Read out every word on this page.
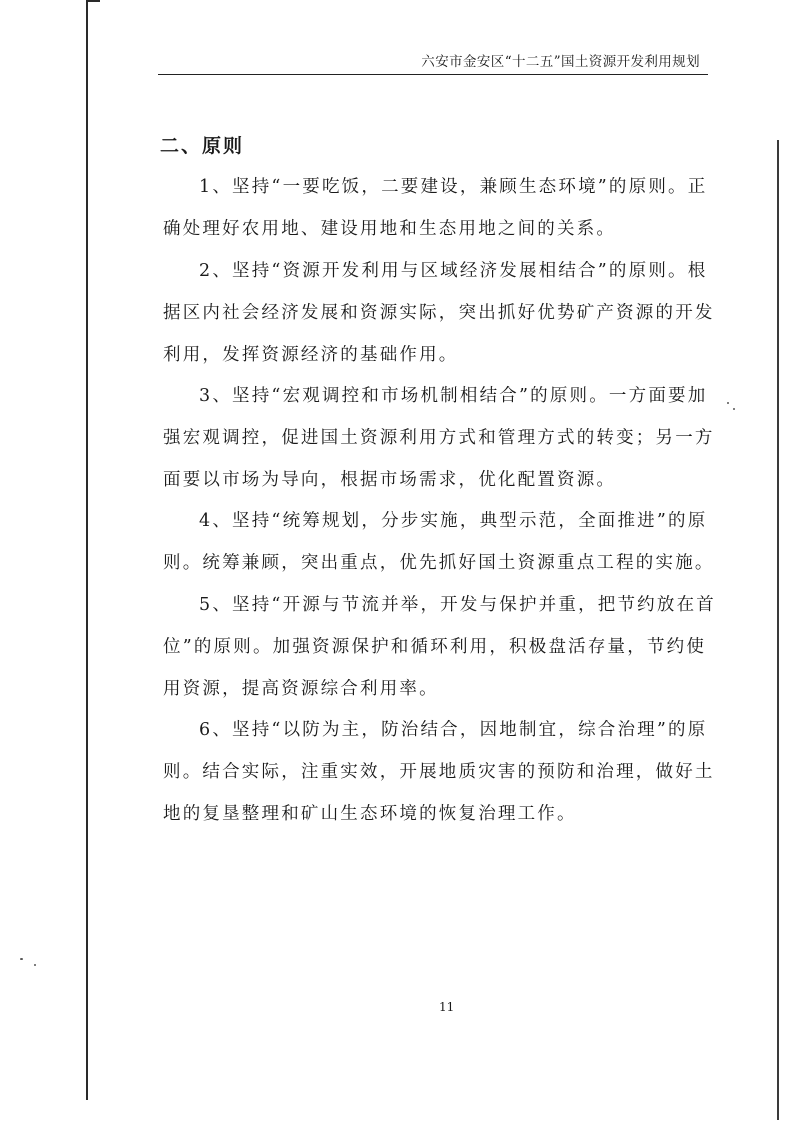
六安市金安区“十二五”国土资源开发利用规划
二、原则

1、坚持“一要吃饭，二要建设，兼顾生态环境”的原则。正
确处理好农用地、建设用地和生态用地之间的关系。

2、坚持“资源开发利用与区域经济发展相结合”的原则。根
据区内社会经济发展和资源实际，突出抓好优势矿产资源的开发
利用，发挥资源经济的基础作用。

3、坚持“宏观调控和市场机制相结合”的原则。一方面要加
强宏观调控，促进国土资源利用方式和管理方式的转变；另一方
面要以市场为导向，根据市场需求，优化配置资源。

4、坚持“统筹规划，分步实施，典型示范，全面推进”的原
则。统筹兼顾，突出重点，优先抓好国土资源重点工程的实施。

5、坚持“开源与节流并举，开发与保护并重，把节约放在首
位”的原则。加强资源保护和循环利用，积极盘活存量，节约使
用资源，提高资源综合利用率。

6、坚持“以防为主，防治结合，因地制宜，综合治理”的原
则。结合实际，注重实效，开展地质灾害的预防和治理，做好土
地的复垦整理和矿山生态环境的恢复治理工作。

11
